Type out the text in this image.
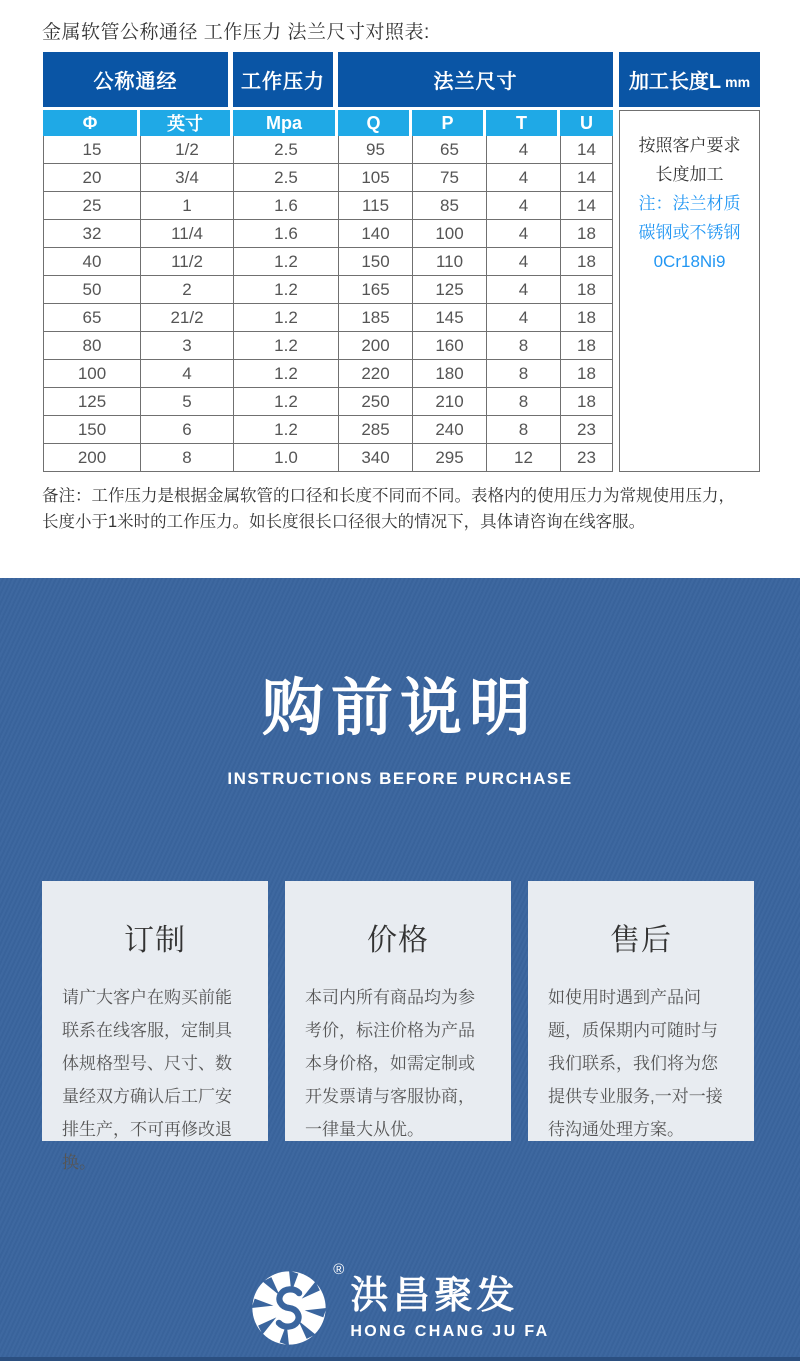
金属软管公称通径 工作压力 法兰尺寸对照表:

公称通经		工作压力	法兰尺寸			
Φ	英寸	Mpa	Q	P	T	U
15	1/2	2.5	95	65	4	14
20	3/4	2.5	105	75	4	14
25	1	1.6	115	85	4	14
32	11/4	1.6	140	100	4	18
40	11/2	1.2	150	110	4	18
50	2	1.2	165	125	4	18
65	21/2	1.2	185	145	4	18
80	3	1.2	200	160	8	18
100	4	1.2	220	180	8	18
125	5	1.2	250	210	8	18
150	6	1.2	285	240	8	23
200	8	1.0	340	295	12	23
加工长度L mm
按照客户要求
长度加工
注：法兰材质
碳钢或不锈钢
0Cr18Ni9
备注：工作压力是根据金属软管的口径和长度不同而不同。表格内的使用压力为常规使用压力，
长度小于1米时的工作压力。如长度很长口径很大的情况下，具体请咨询在线客服。
购前说明
INSTRUCTIONS BEFORE PURCHASE
订制
请广大客户在购买前能联系在线客服，定制具体规格型号、尺寸、数量经双方确认后工厂安排生产，不可再修改退换。
价格
本司内所有商品均为参考价，标注价格为产品本身价格，如需定制或开发票请与客服协商，一律量大从优。
售后
如使用时遇到产品问题，质保期内可随时与我们联系，我们将为您提供专业服务,一对一接待沟通处理方案。
®
洪昌聚发
HONG CHANG JU FA
